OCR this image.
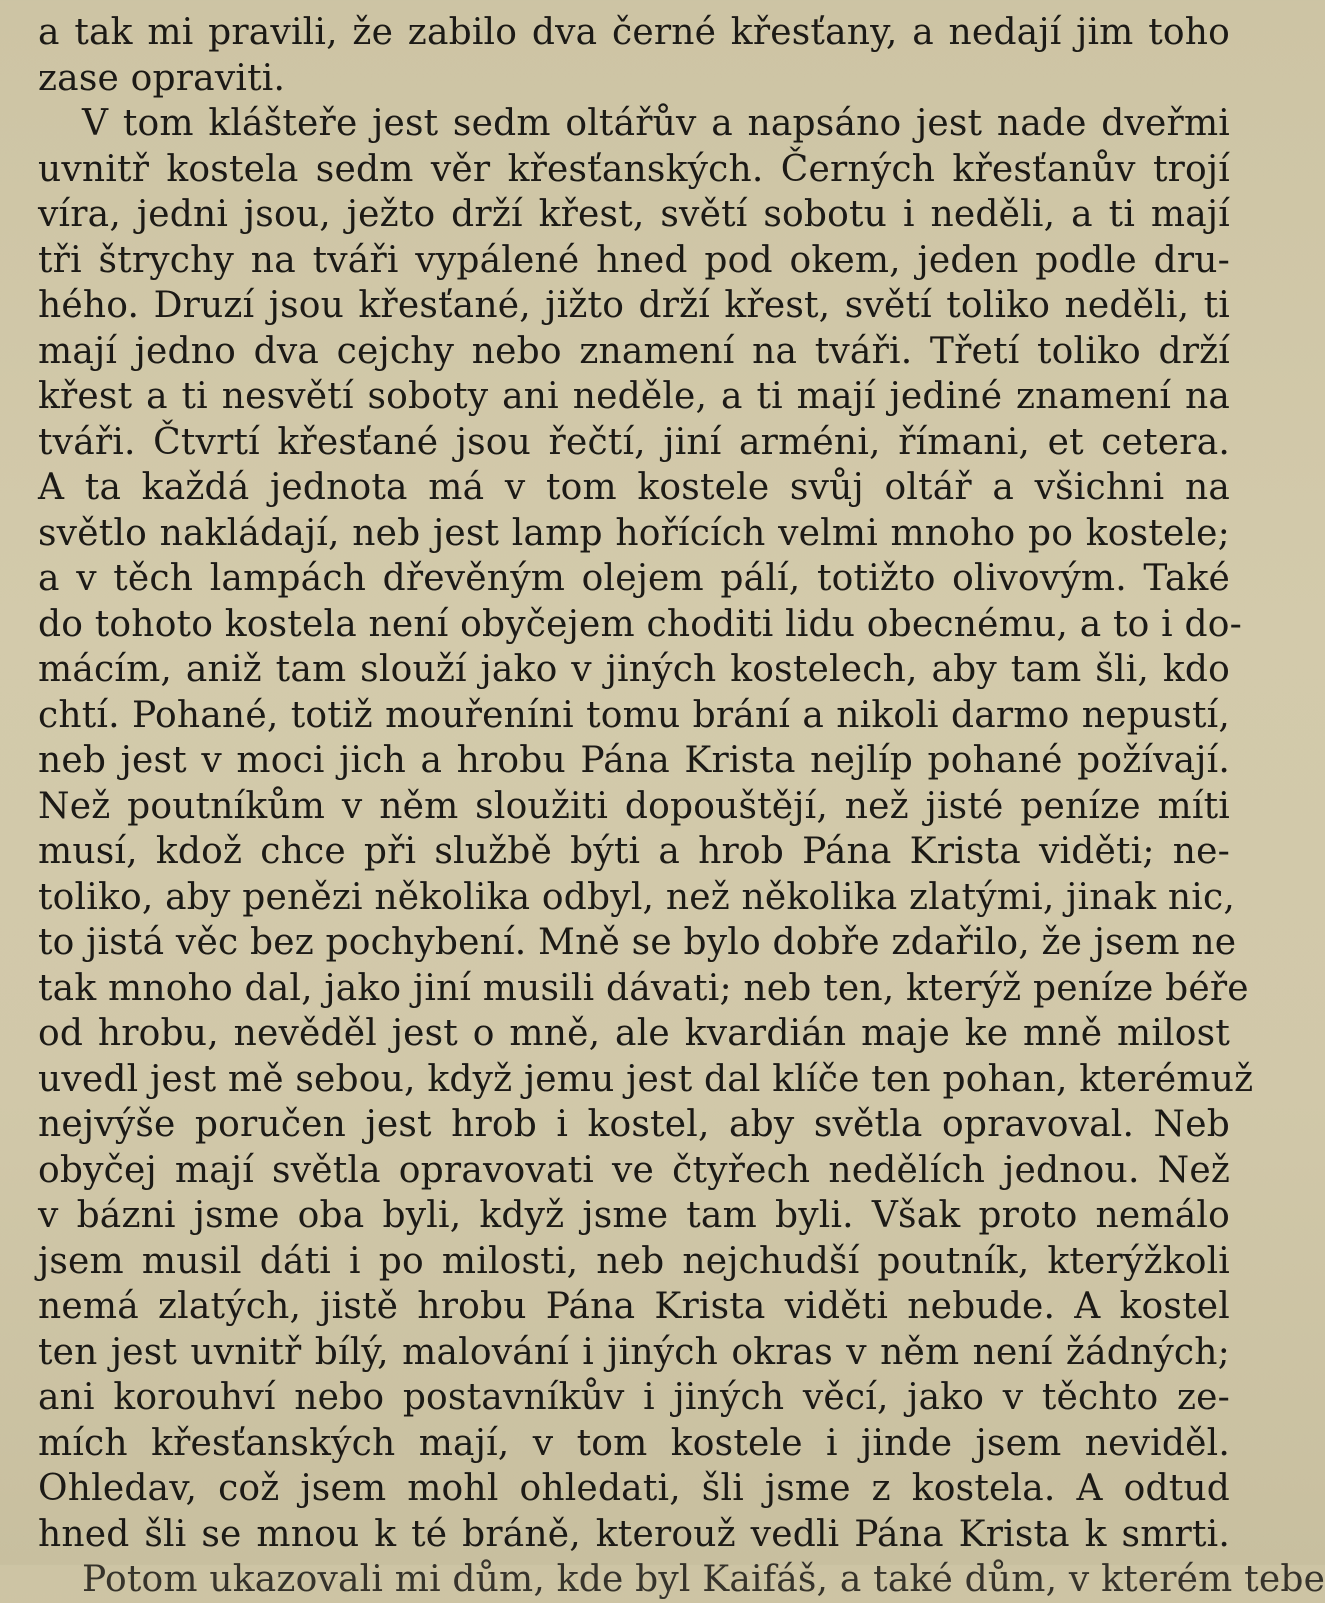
a tak mi pravili, že zabilo dva černé křesťany, a nedají jim toho
zase opraviti.
V tom klášteře jest sedm oltářův a napsáno jest nade dveřmi
uvnitř kostela sedm věr křesťanských. Černých křesťanův trojí
víra, jedni jsou, ježto drží křest, světí sobotu i neděli, a ti mají
tři štrychy na tváři vypálené hned pod okem, jeden podle dru-
hého. Druzí jsou křesťané, jižto drží křest, světí toliko neděli, ti
mají jedno dva cejchy nebo znamení na tváři. Třetí toliko drží
křest a ti nesvětí soboty ani neděle, a ti mají jediné znamení na
tváři. Čtvrtí křesťané jsou řečtí, jiní arméni, římani, et cetera.
A ta každá jednota má v tom kostele svůj oltář a všichni na
světlo nakládají, neb jest lamp hořících velmi mnoho po kostele;
a v těch lampách dřevěným olejem pálí, totižto olivovým. Také
do tohoto kostela není obyčejem choditi lidu obecnému, a to i do-
mácím, aniž tam slouží jako v jiných kostelech, aby tam šli, kdo
chtí. Pohané, totiž mouřeníni tomu brání a nikoli darmo nepustí,
neb jest v moci jich a hrobu Pána Krista nejlíp pohané požívají.
Než poutníkům v něm sloužiti dopouštějí, než jisté peníze míti
musí, kdož chce při službě býti a hrob Pána Krista viděti; ne-
toliko, aby penězi několika odbyl, než několika zlatými, jinak nic,
to jistá věc bez pochybení. Mně se bylo dobře zdařilo, že jsem ne
tak mnoho dal, jako jiní musili dávati; neb ten, kterýž peníze béře
od hrobu, nevěděl jest o mně, ale kvardián maje ke mně milost
uvedl jest mě sebou, když jemu jest dal klíče ten pohan, kterémuž
nejvýše poručen jest hrob i kostel, aby světla opravoval. Neb
obyčej mají světla opravovati ve čtyřech nedělích jednou. Než
v bázni jsme oba byli, když jsme tam byli. Však proto nemálo
jsem musil dáti i po milosti, neb nejchudší poutník, kterýžkoli
nemá zlatých, jistě hrobu Pána Krista viděti nebude. A kostel
ten jest uvnitř bílý, malování i jiných okras v něm není žádných;
ani korouhví nebo postavníkův i jiných věcí, jako v těchto ze-
mích křesťanských mají, v tom kostele i jinde jsem neviděl.
Ohledav, což jsem mohl ohledati, šli jsme z kostela. A odtud
hned šli se mnou k té bráně, kterouž vedli Pána Krista k smrti.
Potom ukazovali mi dům, kde byl Kaifáš, a také dům, v kterém tebe
